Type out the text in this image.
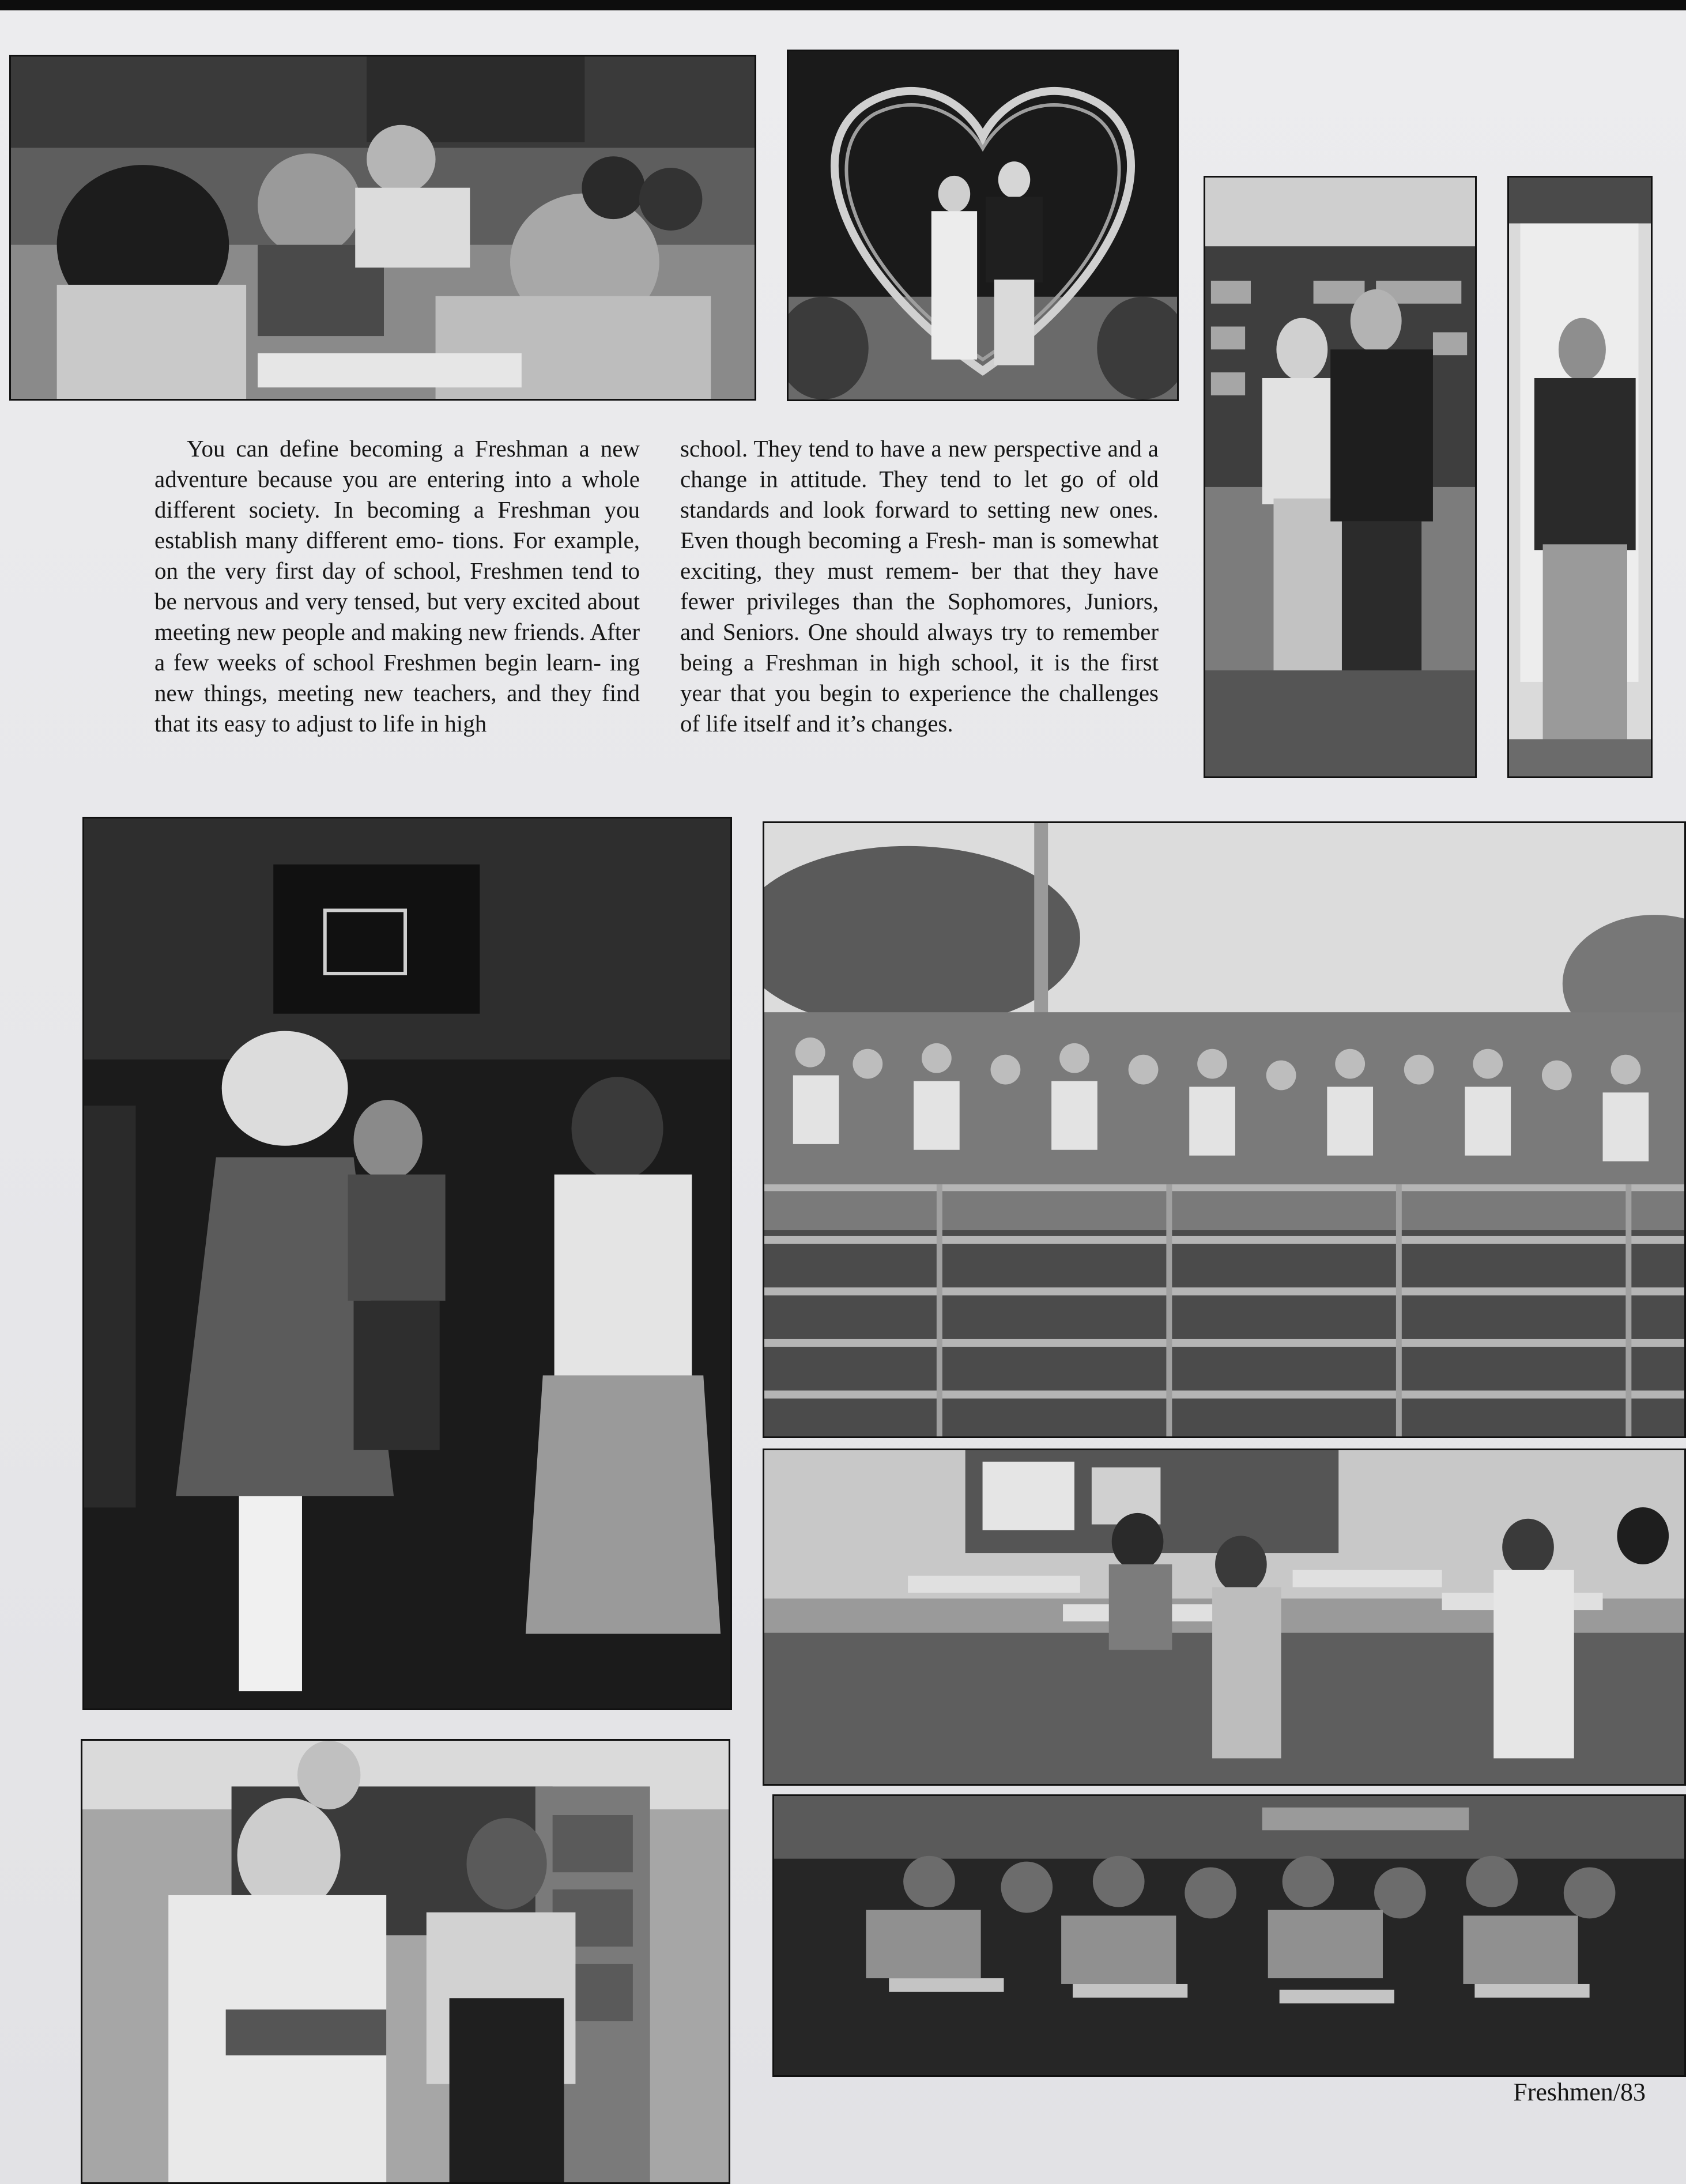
You can define becoming a Freshman a new adventure because you are entering into a whole different society. In becoming a Freshman you establish many different emo- tions. For example, on the very first day of school, Freshmen tend to be nervous and very tensed, but very excited about meeting new people and making new friends. After a few weeks of school Freshmen begin learn- ing new things, meeting new teachers, and they find that its easy to adjust to life in high

school. They tend to have a new perspective and a change in attitude. They tend to let go of old standards and look forward to setting new ones. Even though becoming a Fresh- man is somewhat exciting, they must remem- ber that they have fewer privileges than the Sophomores, Juniors, and Seniors. One should always try to remember being a Freshman in high school, it is the first year that you begin to experience the challenges of life itself and it’s changes.

Freshmen/83
